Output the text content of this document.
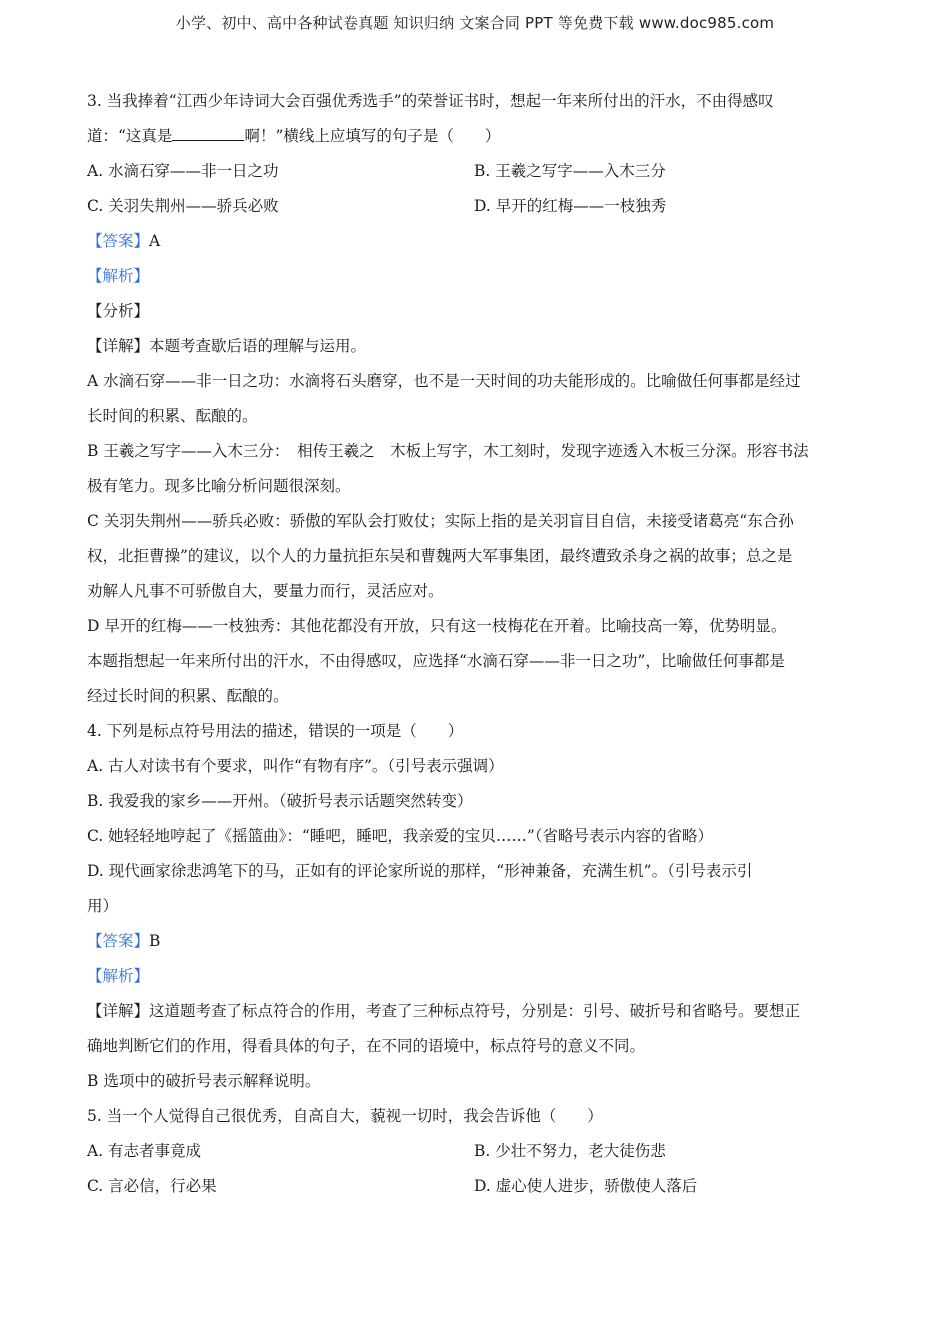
小学、初中、高中各种试卷真题 知识归纳 文案合同 PPT 等免费下载 www.doc985.com
3. 当我捧着“江西少年诗词大会百强优秀选手”的荣誉证书时，想起一年来所付出的汗水，不由得感叹
道：“这真是	啊！”横线上应填写的句子是（　　）
A. 水滴石穿——非一日之功	B. 王羲之写字——入木三分
C. 关羽失荆州——骄兵必败	D. 早开的红梅——一枝独秀
【答案】A
【解析】
【分析】
【详解】本题考查歇后语的理解与运用。
A 水滴石穿——非一日之功：水滴将石头磨穿，也不是一天时间的功夫能形成的。比喻做任何事都是经过
长时间的积累、酝酿的。
B 王羲之写字——入木三分：　相传王羲之　木板上写字，木工刻时，发现字迹透入木板三分深。形容书法
极有笔力。现多比喻分析问题很深刻。
C 关羽失荆州——骄兵必败：骄傲的军队会打败仗；实际上指的是关羽盲目自信，未接受诸葛亮“东合孙
权，北拒曹操”的建议，以个人的力量抗拒东吴和曹魏两大军事集团，最终遭致杀身之祸的故事；总之是
劝解人凡事不可骄傲自大，要量力而行，灵活应对。
D 早开的红梅——一枝独秀：其他花都没有开放，只有这一枝梅花在开着。比喻技高一筹，优势明显。
本题指想起一年来所付出的汗水，不由得感叹，应选择“水滴石穿——非一日之功”，比喻做任何事都是
经过长时间的积累、酝酿的。
4. 下列是标点符号用法的描述，错误的一项是（　　）
A. 古人对读书有个要求，叫作“有物有序”。（引号表示强调）
B. 我爱我的家乡——开州。（破折号表示话题突然转变）
C. 她轻轻地哼起了《摇篮曲》：“睡吧，睡吧，我亲爱的宝贝……”（省略号表示内容的省略）
D. 现代画家徐悲鸿笔下的马，正如有的评论家所说的那样，“形神兼备，充满生机”。（引号表示引
用）
【答案】B
【解析】
【详解】这道题考查了标点符合的作用，考查了三种标点符号，分别是：引号、破折号和省略号。要想正
确地判断它们的作用，得看具体的句子，在不同的语境中，标点符号的意义不同。
B 选项中的破折号表示解释说明。
5. 当一个人觉得自己很优秀，自高自大，藐视一切时，我会告诉他（　　）
A. 有志者事竟成	B. 少壮不努力，老大徒伤悲
C. 言必信，行必果	D. 虚心使人进步，骄傲使人落后
